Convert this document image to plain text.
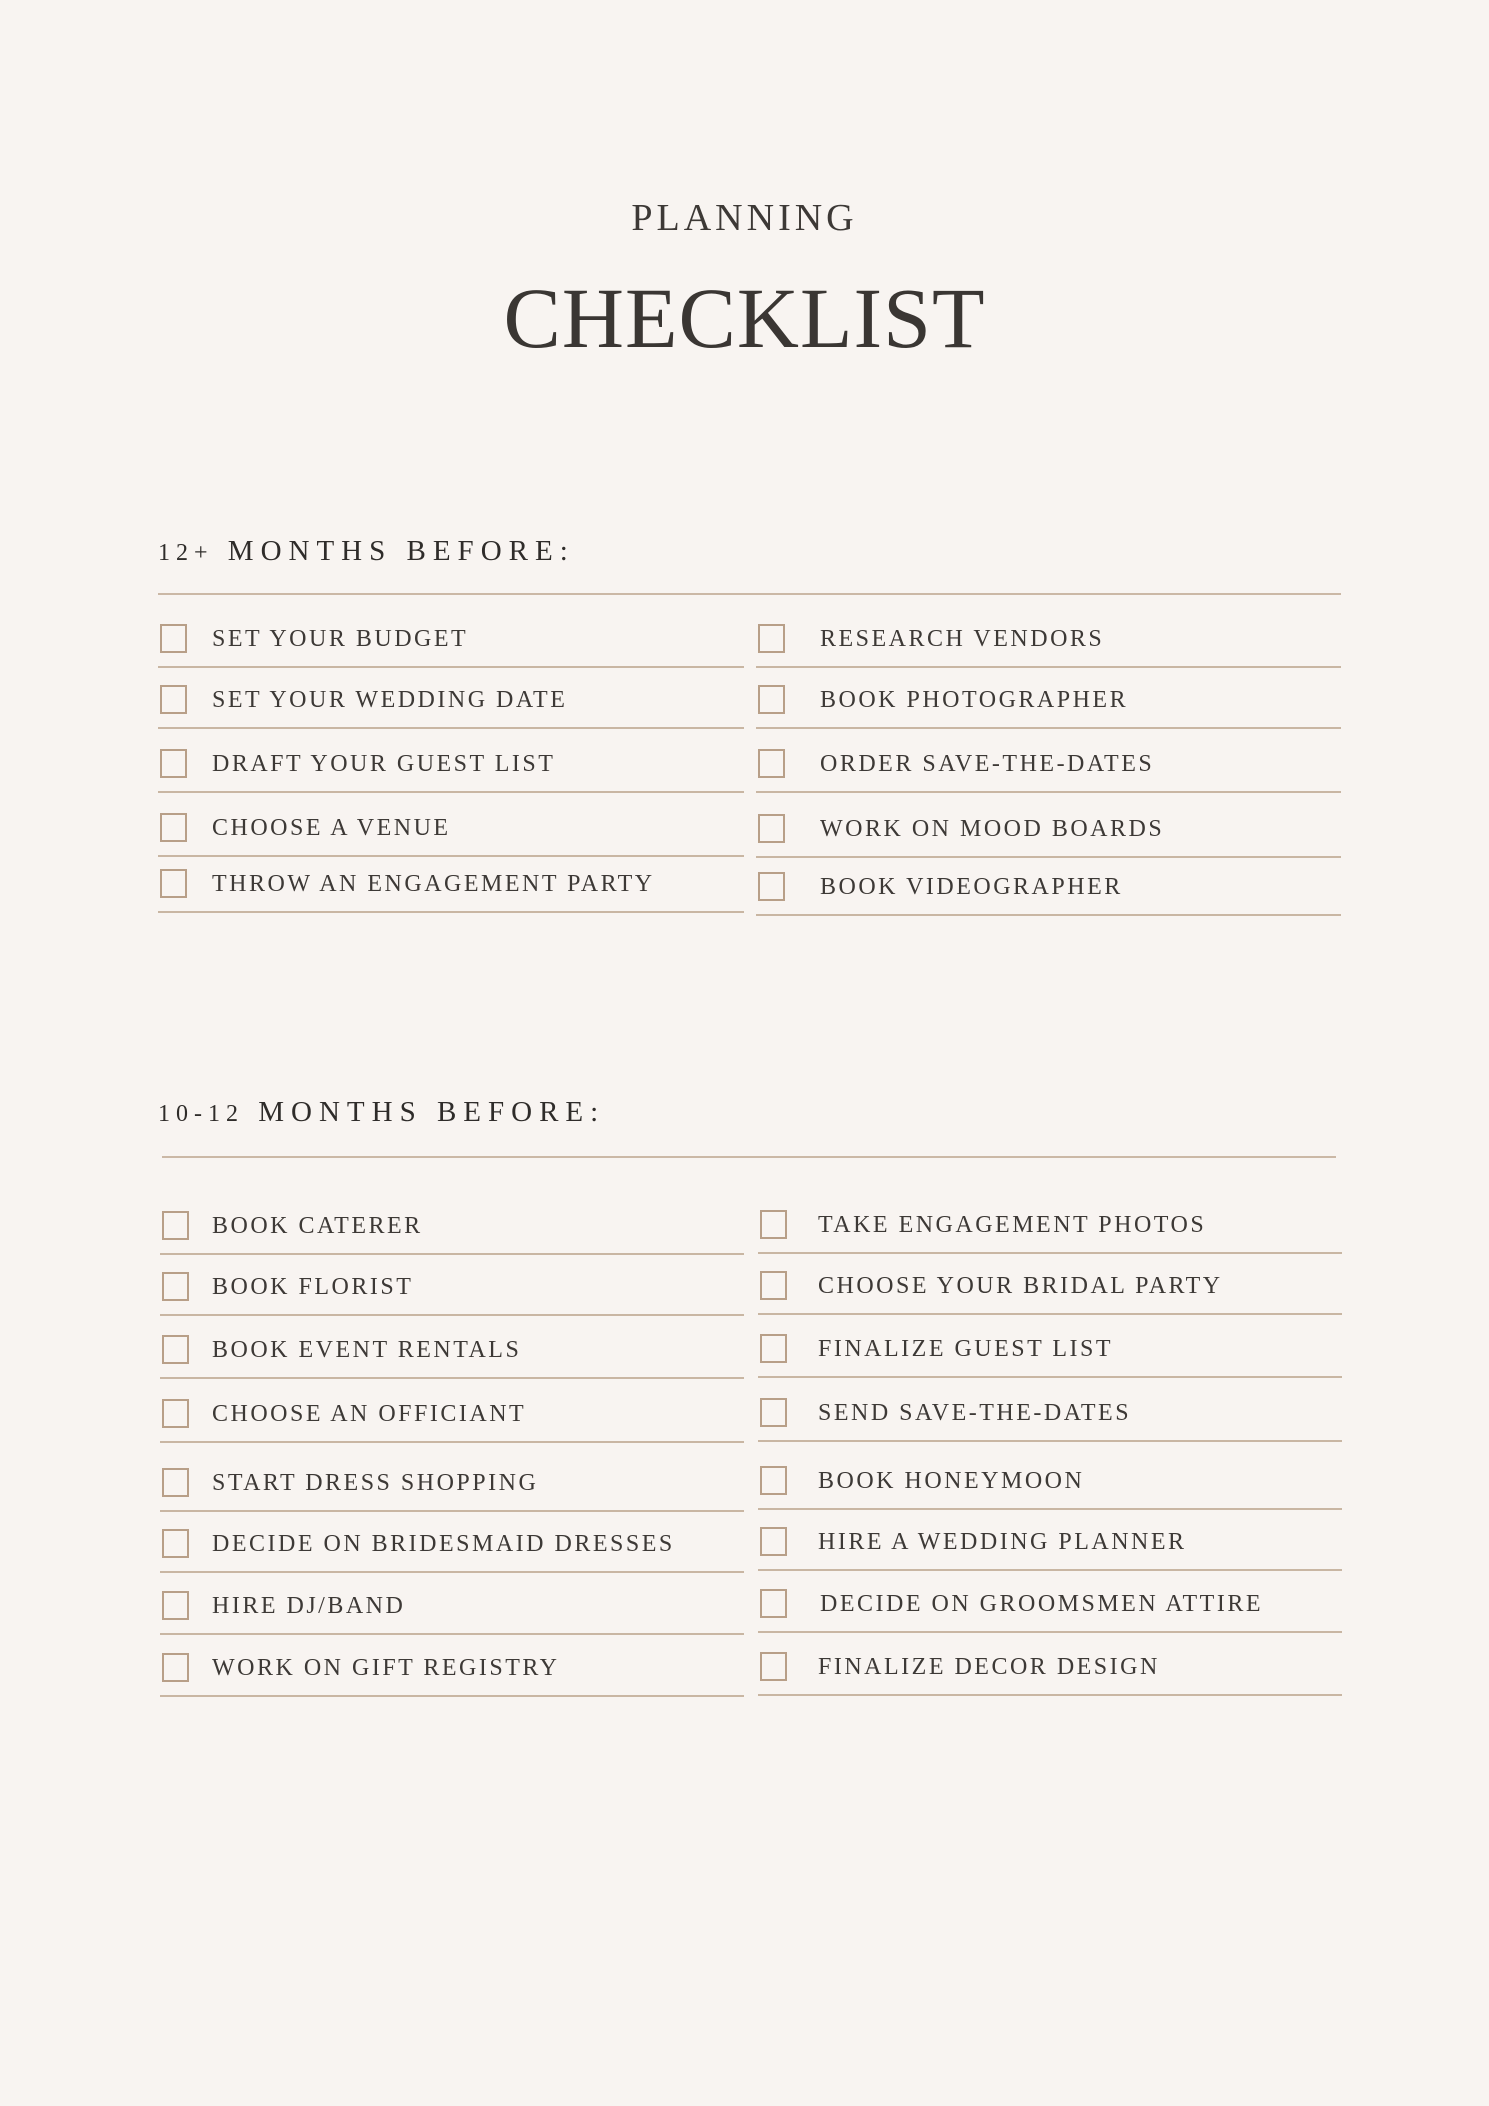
PLANNING
CHECKLIST
12+ MONTHS BEFORE:
SET YOUR BUDGET
SET YOUR WEDDING DATE
DRAFT YOUR GUEST LIST
CHOOSE A VENUE
THROW AN ENGAGEMENT PARTY
RESEARCH VENDORS
BOOK PHOTOGRAPHER
ORDER SAVE-THE-DATES
WORK ON MOOD BOARDS
BOOK VIDEOGRAPHER
10-12 MONTHS BEFORE:
BOOK CATERER
BOOK FLORIST
BOOK EVENT RENTALS
CHOOSE AN OFFICIANT
START DRESS SHOPPING
DECIDE ON BRIDESMAID DRESSES
HIRE DJ/BAND
WORK ON GIFT REGISTRY
TAKE ENGAGEMENT PHOTOS
CHOOSE YOUR BRIDAL PARTY
FINALIZE GUEST LIST
SEND SAVE-THE-DATES
BOOK HONEYMOON
HIRE A WEDDING PLANNER
DECIDE ON GROOMSMEN ATTIRE
FINALIZE DECOR DESIGN
